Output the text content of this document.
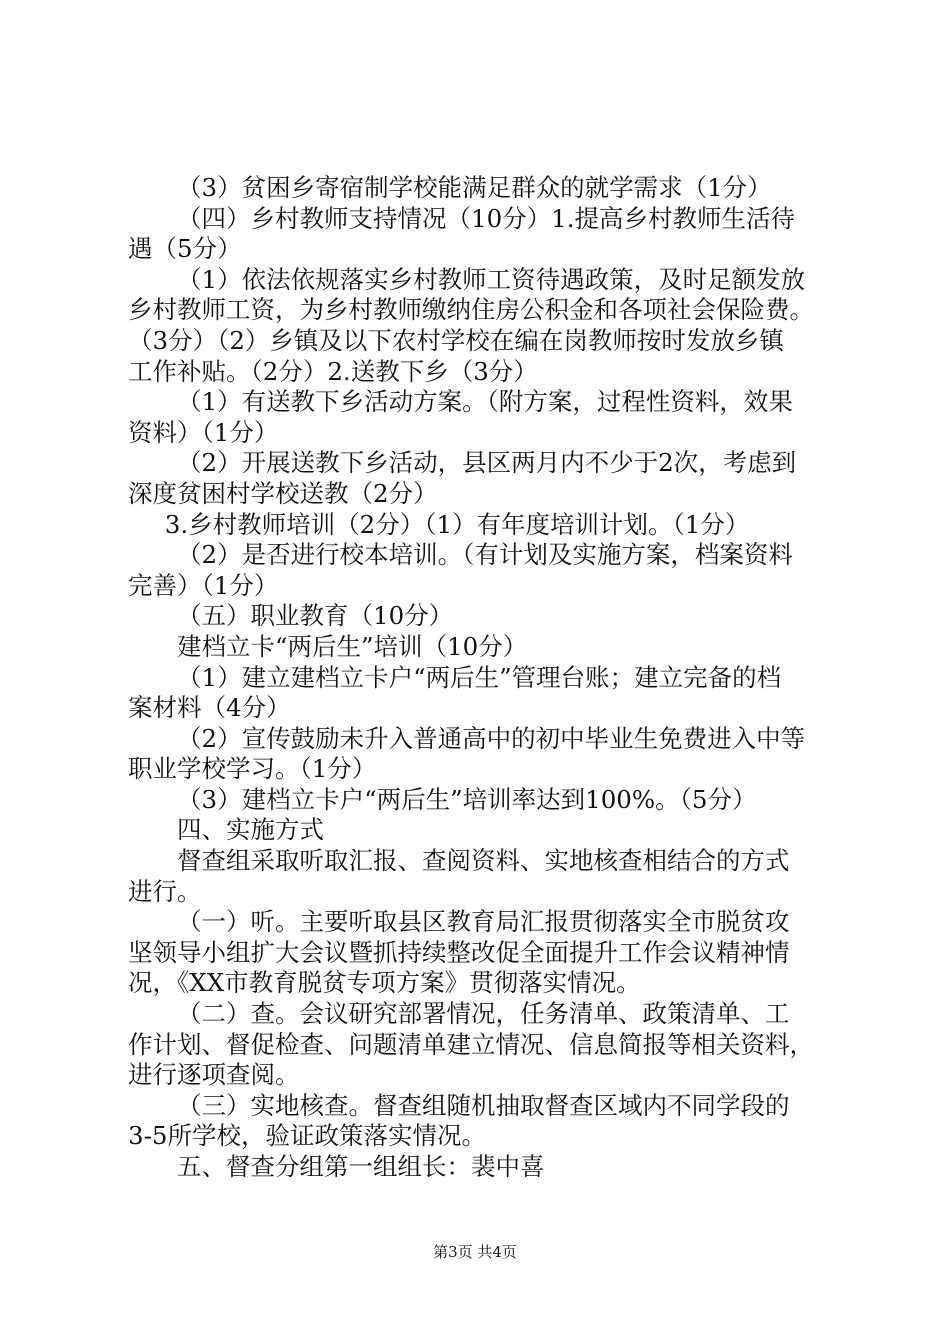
（3）贫困乡寄宿制学校能满足群众的就学需求（1分）
（四）乡村教师支持情况（10分）1.提高乡村教师生活待
遇（5分）
（1）依法依规落实乡村教师工资待遇政策，及时足额发放
乡村教师工资，为乡村教师缴纳住房公积金和各项社会保险费。
（3分）（2）乡镇及以下农村学校在编在岗教师按时发放乡镇
工作补贴。（2分）2.送教下乡（3分）
（1）有送教下乡活动方案。（附方案，过程性资料，效果
资料）（1分）
（2）开展送教下乡活动，县区两月内不少于2次，考虑到
深度贫困村学校送教（2分）
3.乡村教师培训（2分）（1）有年度培训计划。（1分）
（2）是否进行校本培训。（有计划及实施方案，档案资料
完善）（1分）
（五）职业教育（10分）
建档立卡“两后生”培训（10分）
（1）建立建档立卡户“两后生”管理台账；建立完备的档
案材料（4分）
（2）宣传鼓励未升入普通高中的初中毕业生免费进入中等
职业学校学习。（1分）
（3）建档立卡户“两后生”培训率达到100%。（5分）
四、实施方式
督查组采取听取汇报、查阅资料、实地核查相结合的方式
进行。
（一）听。主要听取县区教育局汇报贯彻落实全市脱贫攻
坚领导小组扩大会议暨抓持续整改促全面提升工作会议精神情
况，《XX市教育脱贫专项方案》贯彻落实情况。
（二）查。会议研究部署情况，任务清单、政策清单、工
作计划、督促检查、问题清单建立情况、信息简报等相关资料，
进行逐项查阅。
（三）实地核查。督查组随机抽取督查区域内不同学段的
3-5所学校，验证政策落实情况。
五、督查分组第一组组长：裴中喜
第3页 共4页
